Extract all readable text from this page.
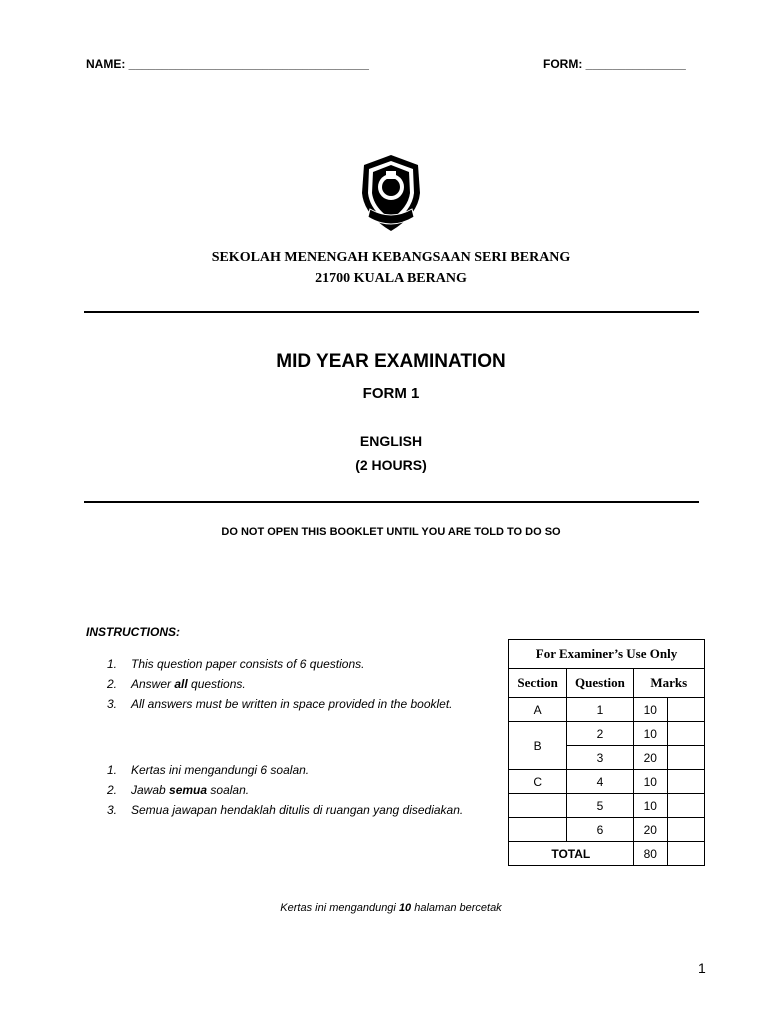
NAME: ____________________________________	FORM: _______________
SEKOLAH MENENGAH KEBANGSAAN SERI BERANG
21700 KUALA BERANG
MID YEAR EXAMINATION
FORM 1
ENGLISH
(2 HOURS)
DO NOT OPEN THIS BOOKLET UNTIL YOU ARE TOLD TO DO SO
INSTRUCTIONS:
1. This question paper consists of 6 questions.
2. Answer all questions.
3. All answers must be written in space provided in the booklet.
1. Kertas ini mengandungi 6 soalan.
2. Jawab semua soalan.
3. Semua jawapan hendaklah ditulis di ruangan yang disediakan.
For Examiner’s Use Only			
Section	Question	Marks	
A	1	10	
B	2	10	
	3	20	
C	4	10	
	5	10	
	6	20	
TOTAL		80	
Kertas ini mengandungi 10 halaman bercetak
1
